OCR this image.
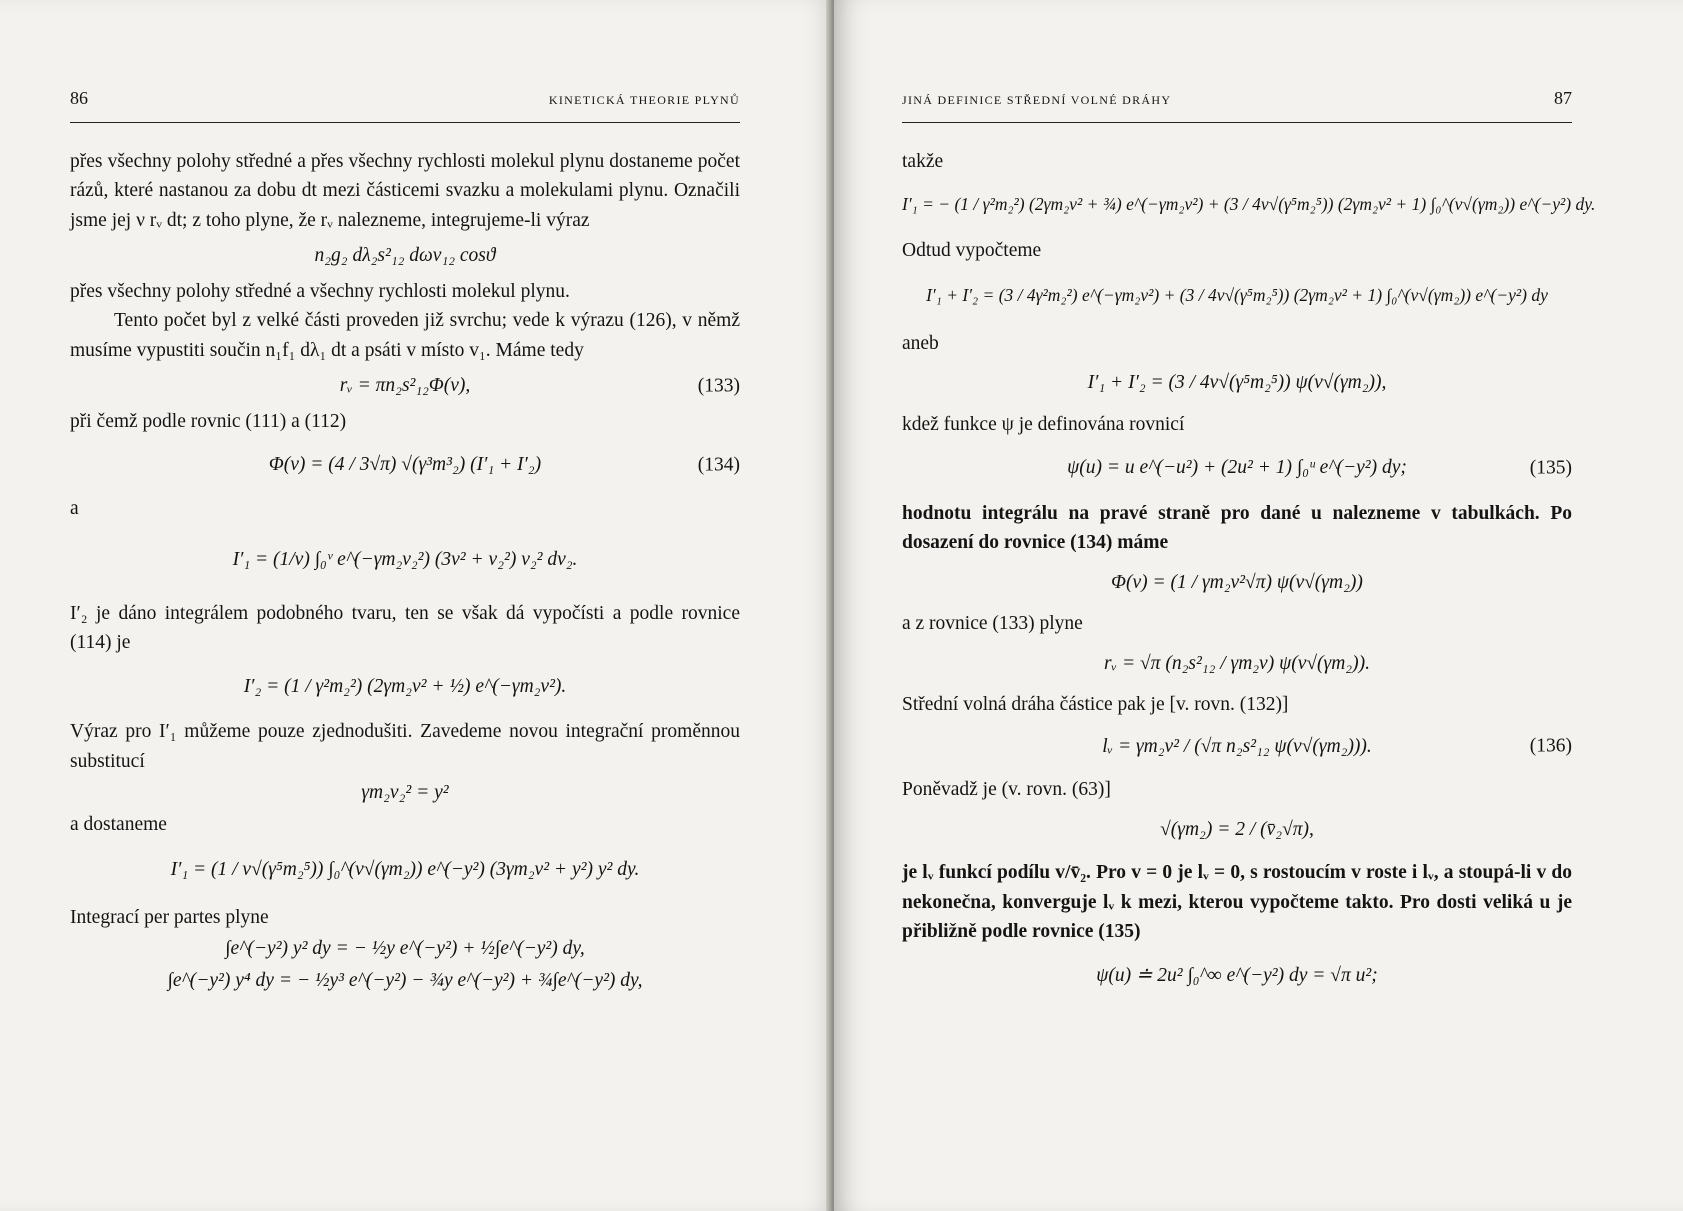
86	KINETICKÁ THEORIE PLYNŮ

přes všechny polohy středné a přes všechny rychlosti molekul plynu dostaneme počet rázů, které nastanou za dobu dt mezi částicemi svazku a molekulami plynu. Označili jsme jej ν rᵥ dt; z toho plyne, že rᵥ nalezneme, integrujeme-li výraz

n₂g₂ dλ₂s²₁₂ dωv₁₂ cosϑ

přes všechny polohy středné a všechny rychlosti molekul plynu.

Tento počet byl z velké části proveden již svrchu; vede k výrazu (126), v němž musíme vypustiti součin n₁f₁ dλ₁ dt a psáti v místo v₁. Máme tedy

rᵥ = πn₂s²₁₂Φ(v),	(133)

při čemž podle rovnic (111) a (112)

Φ(v) = (4 / 3√π) √(γ³m³₂) (I′₁ + I′₂)	(134)

a

I′₁ = (1/v) ∫₀ᵛ e^(−γm₂v₂²) (3v² + v₂²) v₂² dv₂.

I′₂ je dáno integrálem podobného tvaru, ten se však dá vypočísti a podle rovnice (114) je

I′₂ = (1 / γ²m₂²) (2γm₂v² + ½) e^(−γm₂v²).

Výraz pro I′₁ můžeme pouze zjednodušiti. Zavedeme novou integrační proměnnou substitucí

γm₂v₂² = y²

a dostaneme

I′₁ = (1 / v√(γ⁵m₂⁵)) ∫₀^(v√(γm₂)) e^(−y²) (3γm₂v² + y²) y² dy.

Integrací per partes plyne

∫e^(−y²) y² dy = − ½y e^(−y²) + ½∫e^(−y²) dy,
∫e^(−y²) y⁴ dy = − ½y³ e^(−y²) − ¾y e^(−y²) + ¾∫e^(−y²) dy,
JINÁ DEFINICE STŘEDNÍ VOLNÉ DRÁHY	87

takže

I′₁ = − (1 / γ²m₂²) (2γm₂v² + ¾) e^(−γm₂v²) + (3 / 4v√(γ⁵m₂⁵)) (2γm₂v² + 1) ∫₀^(v√(γm₂)) e^(−y²) dy.

Odtud vypočteme

I′₁ + I′₂ = (3 / 4γ²m₂²) e^(−γm₂v²) + (3 / 4v√(γ⁵m₂⁵)) (2γm₂v² + 1) ∫₀^(v√(γm₂)) e^(−y²) dy

aneb

I′₁ + I′₂ = (3 / 4v√(γ⁵m₂⁵)) ψ(v√(γm₂)),

kdež funkce ψ je definována rovnicí

ψ(u) = u e^(−u²) + (2u² + 1) ∫₀ᵘ e^(−y²) dy;	(135)

hodnotu integrálu na pravé straně pro dané u nalezneme v tabulkách. Po dosazení do rovnice (134) máme

Φ(v) = (1 / γm₂v²√π) ψ(v√(γm₂))

a z rovnice (133) plyne

rᵥ = √π (n₂s²₁₂ / γm₂v) ψ(v√(γm₂)).

Střední volná dráha částice pak je [v. rovn. (132)]

lᵥ = γm₂v² / (√π n₂s²₁₂ ψ(v√(γm₂))).	(136)

Poněvadž je (v. rovn. (63)]

√(γm₂) = 2 / (v̄₂√π),

je lᵥ funkcí podílu v/v̄₂. Pro v = 0 je lᵥ = 0, s rostoucím v roste i lᵥ, a stoupá-li v do nekonečna, konverguje lᵥ k mezi, kterou vypočteme takto. Pro dosti veliká u je přibližně podle rovnice (135)

ψ(u) ≐ 2u² ∫₀^∞ e^(−y²) dy = √π u²;
